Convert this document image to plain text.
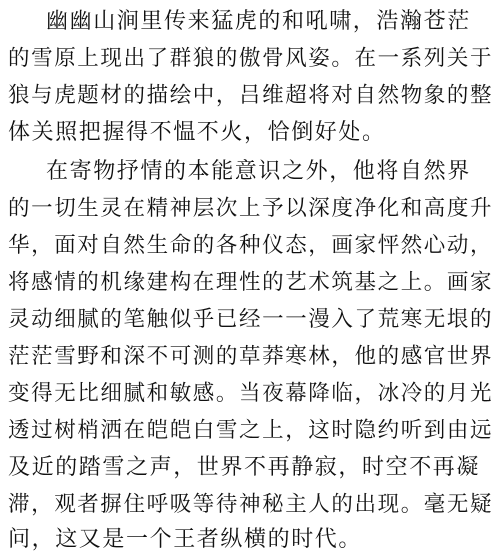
幽幽山涧里传来猛虎的和吼啸，浩瀚苍茫
的雪原上现出了群狼的傲骨风姿。在一系列关于
狼与虎题材的描绘中，吕维超将对自然物象的整
体关照把握得不愠不火，恰倒好处。
在寄物抒情的本能意识之外，他将自然界
的一切生灵在精神层次上予以深度净化和高度升
华，面对自然生命的各种仪态，画家怦然心动，
将感情的机缘建构在理性的艺术筑基之上。画家
灵动细腻的笔触似乎已经一一漫入了荒寒无垠的
茫茫雪野和深不可测的草莽寒林，他的感官世界
变得无比细腻和敏感。当夜幕降临，冰冷的月光
透过树梢洒在皑皑白雪之上，这时隐约听到由远
及近的踏雪之声，世界不再静寂，时空不再凝
滞，观者摒住呼吸等待神秘主人的出现。毫无疑
问，这又是一个王者纵横的时代。
